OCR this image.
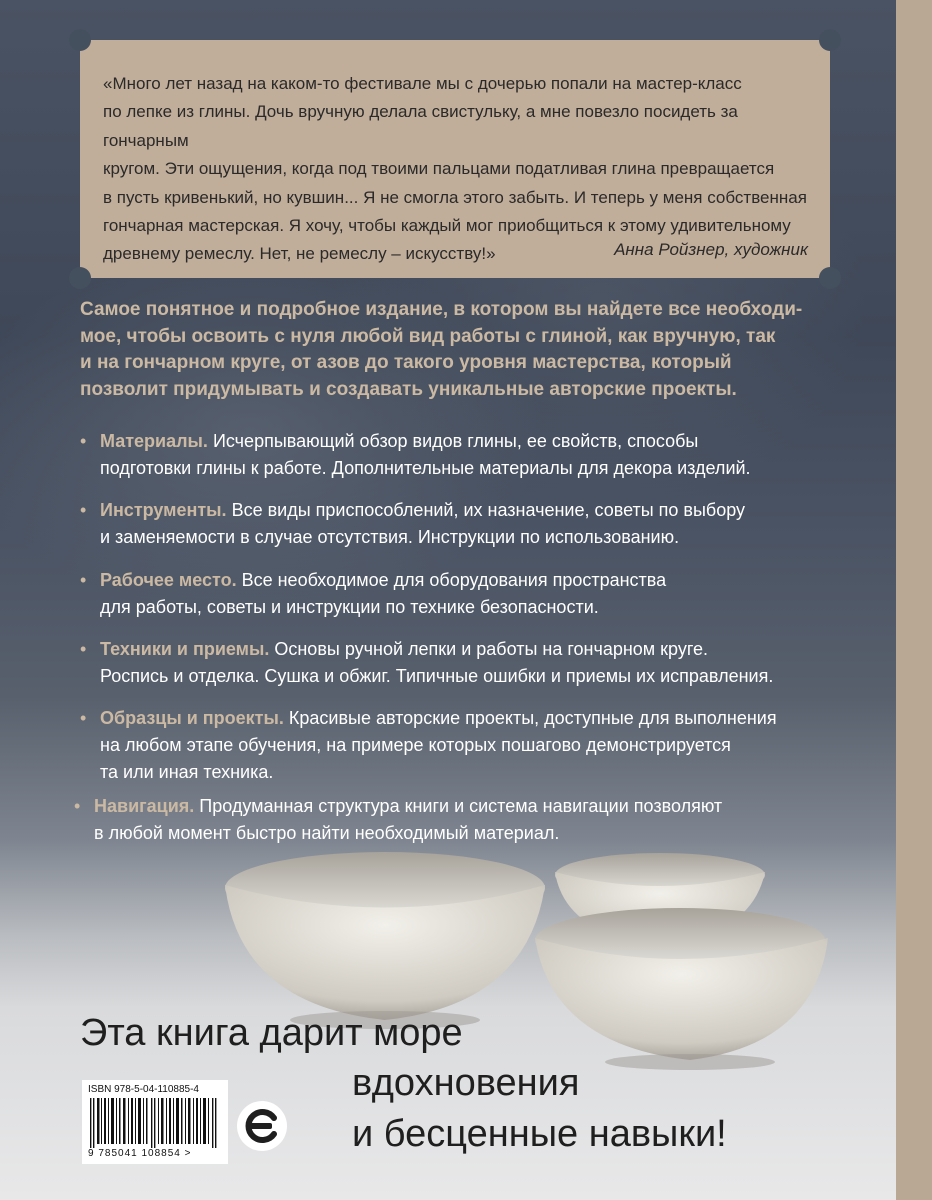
«Много лет назад на каком-то фестивале мы с дочерью попали на мастер-класс
по лепке из глины. Дочь вручную делала свистульку, а мне повезло посидеть за гончарным
кругом. Эти ощущения, когда под твоими пальцами податливая глина превращается
в пусть кривенький, но кувшин... Я не смогла этого забыть. И теперь у меня собственная
гончарная мастерская. Я хочу, чтобы каждый мог приобщиться к этому удивительному
древнему ремеслу. Нет, не ремеслу – искусству!»	Анна Ройзнер, художник

Самое понятное и подробное издание, в котором вы найдете все необходи-
мое, чтобы освоить с нуля любой вид работы с глиной, как вручную, так
и на гончарном круге, от азов до такого уровня мастерства, который
позволит придумывать и создавать уникальные авторские проекты.

• Материалы. Исчерпывающий обзор видов глины, ее свойств, способы
подготовки глины к работе. Дополнительные материалы для декора изделий.

• Инструменты. Все виды приспособлений, их назначение, советы по выбору
и заменяемости в случае отсутствия. Инструкции по использованию.

• Рабочее место. Все необходимое для оборудования пространства
для работы, советы и инструкции по технике безопасности.

• Техники и приемы. Основы ручной лепки и работы на гончарном круге.
Роспись и отделка. Сушка и обжиг. Типичные ошибки и приемы их исправления.

• Образцы и проекты. Красивые авторские проекты, доступные для выполнения
на любом этапе обучения, на примере которых пошагово демонстрируется
та или иная техника.

• Навигация. Продуманная структура книги и система навигации позволяют
в любой момент быстро найти необходимый материал.

Эта книга дарит море

вдохновения

и бесценные навыки!

ISBN 978-5-04-110885-4

9 785041 108854 >
